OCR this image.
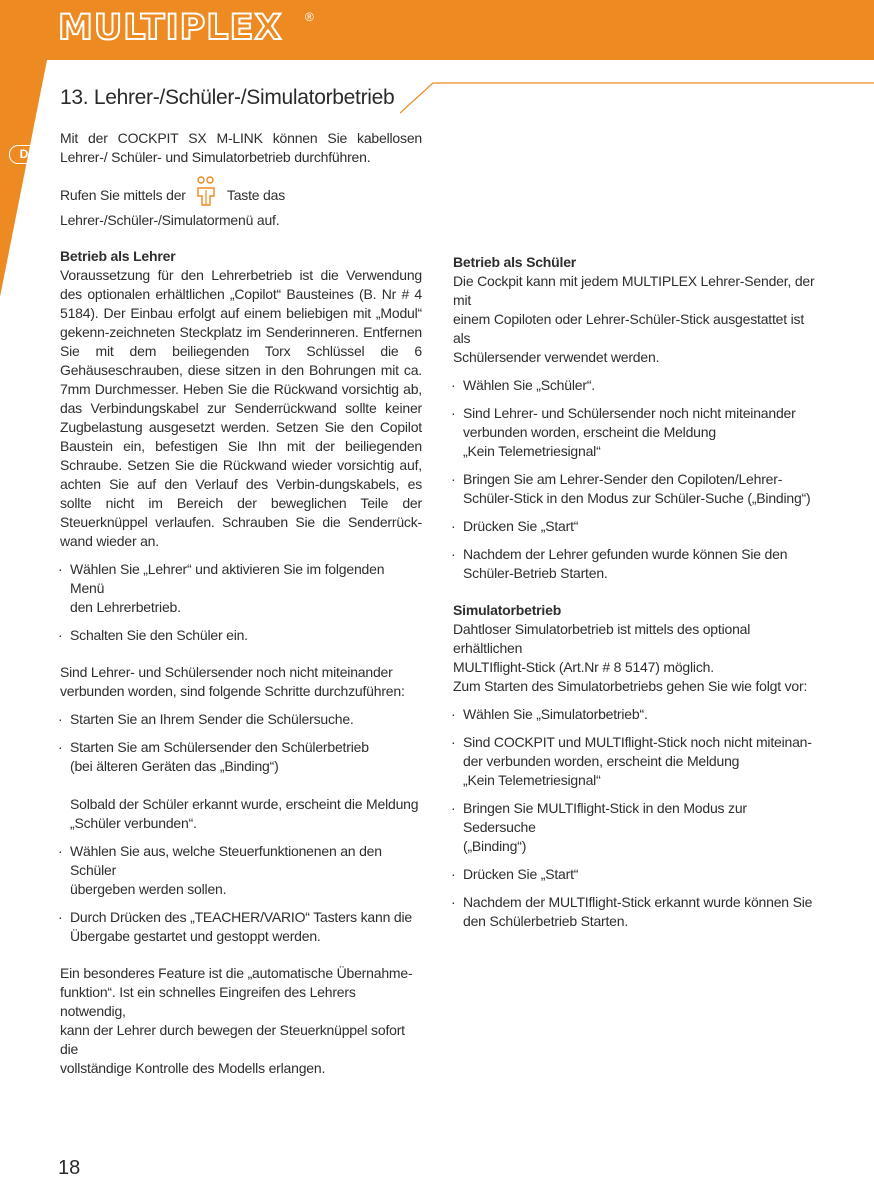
MULTIPLEX ®
D
13. Lehrer-/Schüler-/Simulatorbetrieb

Mit der COCKPIT SX M-LINK können Sie kabellosen Lehrer-/ Schüler- und Simulatorbetrieb durchführen.

Rufen Sie mittels der	Taste das
Lehrer-/Schüler-/Simulatormenü auf.

Betrieb als Lehrer

Voraussetzung für den Lehrerbetrieb ist die Verwendung des optionalen erhältlichen „Copilot“ Bausteines (B. Nr # 4 5184). Der Einbau erfolgt auf einem beliebigen mit „Modul“ gekenn-zeichneten Steckplatz im Senderinneren. Entfernen Sie mit dem beiliegenden Torx Schlüssel die 6 Gehäuseschrauben, diese sitzen in den Bohrungen mit ca. 7mm Durchmesser. Heben Sie die Rückwand vorsichtig ab, das Verbindungskabel zur Senderrückwand sollte keiner Zugbelastung ausgesetzt werden. Setzen Sie den Copilot Baustein ein, befestigen Sie Ihn mit der beiliegenden Schraube. Setzen Sie die Rückwand wieder vorsichtig auf, achten Sie auf den Verlauf des Verbin-dungskabels, es sollte nicht im Bereich der beweglichen Teile der Steuerknüppel verlaufen. Schrauben Sie die Senderrück-wand wieder an.

· Wählen Sie „Lehrer“ und aktivieren Sie im folgenden Menü
den Lehrerbetrieb.
· Schalten Sie den Schüler ein.

Sind Lehrer- und Schülersender noch nicht miteinander
verbunden worden, sind folgende Schritte durchzuführen:

· Starten Sie an Ihrem Sender die Schülersuche.
· Starten Sie am Schülersender den Schülerbetrieb
(bei älteren Geräten das „Binding“)
Solbald der Schüler erkannt wurde, erscheint die Meldung
„Schüler verbunden“.
· Wählen Sie aus, welche Steuerfunktionenen an den Schüler
übergeben werden sollen.
· Durch Drücken des „TEACHER/VARIO“ Tasters kann die
Übergabe gestartet und gestoppt werden.

Ein besonderes Feature ist die „automatische Übernahme-
funktion“. Ist ein schnelles Eingreifen des Lehrers notwendig,
kann der Lehrer durch bewegen der Steuerknüppel sofort die
vollständige Kontrolle des Modells erlangen.

Betrieb als Schüler

Die Cockpit kann mit jedem MULTIPLEX Lehrer-Sender, der mit
einem Copiloten oder Lehrer-Schüler-Stick ausgestattet ist als
Schülersender verwendet werden.

· Wählen Sie „Schüler“.
· Sind Lehrer- und Schülersender noch nicht miteinander
verbunden worden, erscheint die Meldung
„Kein Telemetriesignal“
· Bringen Sie am Lehrer-Sender den Copiloten/Lehrer-
Schüler-Stick in den Modus zur Schüler-Suche („Binding“)
· Drücken Sie „Start“
· Nachdem der Lehrer gefunden wurde können Sie den
Schüler-Betrieb Starten.

Simulatorbetrieb

Dahtloser Simulatorbetrieb ist mittels des optional erhältlichen
MULTIflight-Stick (Art.Nr # 8 5147) möglich.
Zum Starten des Simulatorbetriebs gehen Sie wie folgt vor:

· Wählen Sie „Simulatorbetrieb“.
· Sind COCKPIT und MULTIflight-Stick noch nicht miteinan-
der verbunden worden, erscheint die Meldung
„Kein Telemetriesignal“
· Bringen Sie MULTIflight-Stick in den Modus zur Sedersuche
(„Binding“)
· Drücken Sie „Start“
· Nachdem der MULTIflight-Stick erkannt wurde können Sie
den Schülerbetrieb Starten.
18
